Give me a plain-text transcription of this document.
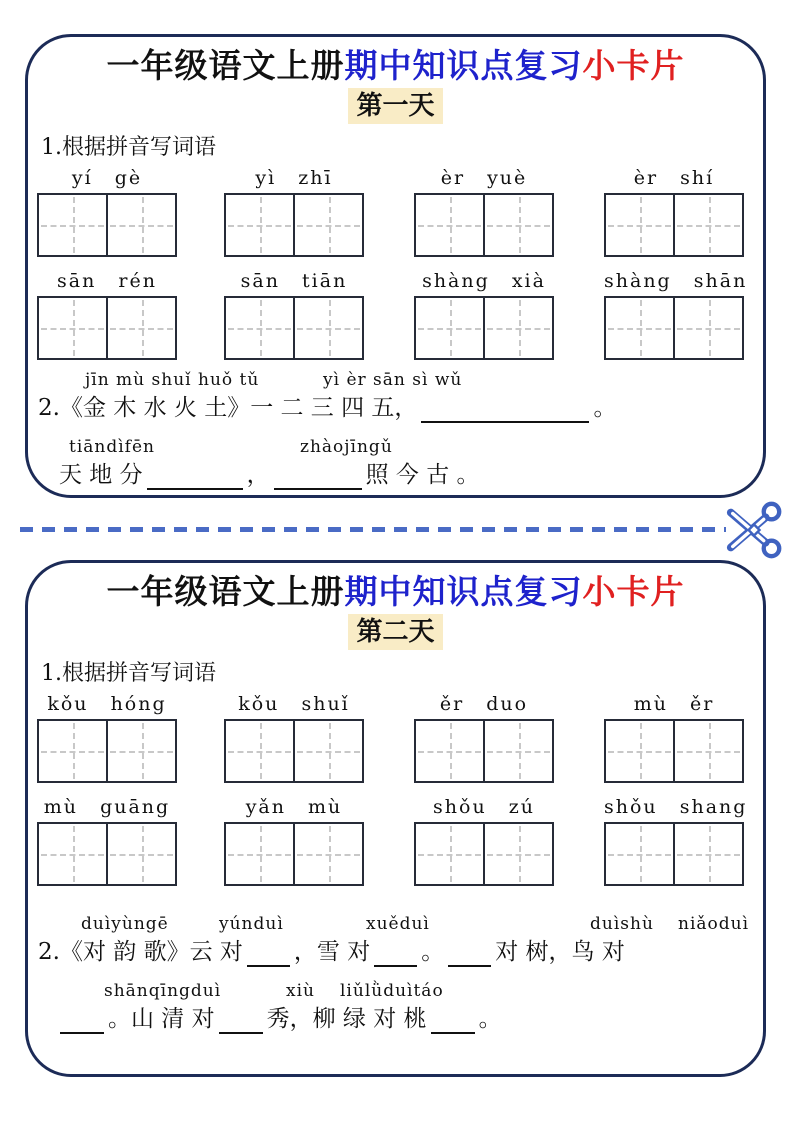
一年级语文上册期中知识点复习小卡片
第一天
1.根据拼音写词语
yí gè	yì zhī	èr yuè	èr shí
sān rén	sān tiān	shàng xià	shàng shān
jīn mù shuǐ huǒ tǔ	yì èr sān sì wǔ
2.《金 木 水 火 土》一 二 三 四 五，	。
tiāndìfēn	zhàojīngǔ
天 地 分	，	照 今 古 。
一年级语文上册期中知识点复习小卡片
第二天
1.根据拼音写词语
kǒu hóng	kǒu shuǐ	ěr duo	mù ěr
mù guāng	yǎn mù	shǒu zú	shǒu shang
duìyùngē	yúnduì	xuěduì	duìshù niǎoduì
2.《对 韵 歌》云 对 ，雪 对 。 对 树，鸟 对
shānqīngduì	xiù liǔlǜduìtáo
。山 清 对 秀，柳 绿 对 桃 。
